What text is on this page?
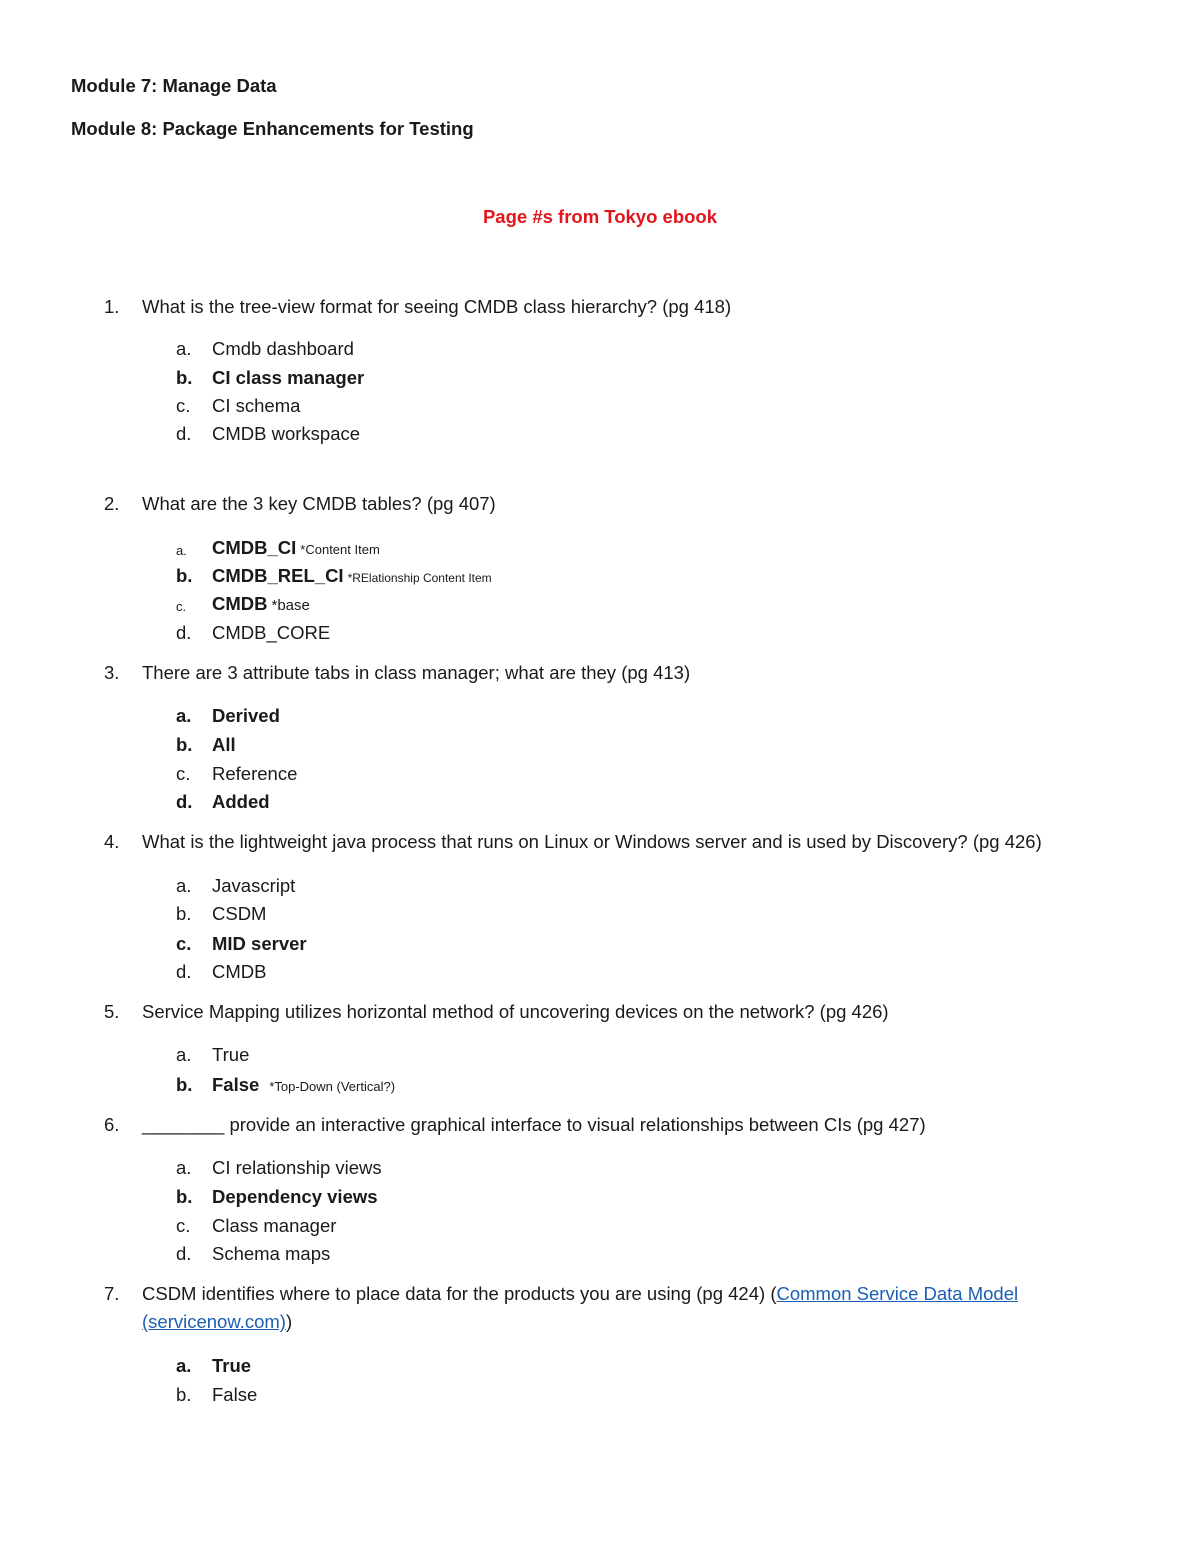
Module 7: Manage Data
Module 8: Package Enhancements for Testing
Page #s from Tokyo ebook
1.	What is the tree-view format for seeing CMDB class hierarchy? (pg 418)
a.	Cmdb dashboard
b.	CI class manager
c.	CI schema
d.	CMDB workspace
2.	What are the 3 key CMDB tables? (pg 407)
a.	CMDB_CI *Content Item
b.	CMDB_REL_CI *RElationship Content Item
c.	CMDB *base
d.	CMDB_CORE
3.	There are 3 attribute tabs in class manager; what are they (pg 413)
a.	Derived
b.	All
c.	Reference
d.	Added
4.	What is the lightweight java process that runs on Linux or Windows server and is used by Discovery? (pg 426)
a.	Javascript
b.	CSDM
c.	MID server
d.	CMDB
5.	Service Mapping utilizes horizontal method of uncovering devices on the network? (pg 426)
a.	True
b.	False *Top-Down (Vertical?)
6.	________ provide an interactive graphical interface to visual relationships between CIs (pg 427)
a.	CI relationship views
b.	Dependency views
c.	Class manager
d.	Schema maps
7.	CSDM identifies where to place data for the products you are using (pg 424) (Common Service Data Model (servicenow.com))
a.	True
b.	False
